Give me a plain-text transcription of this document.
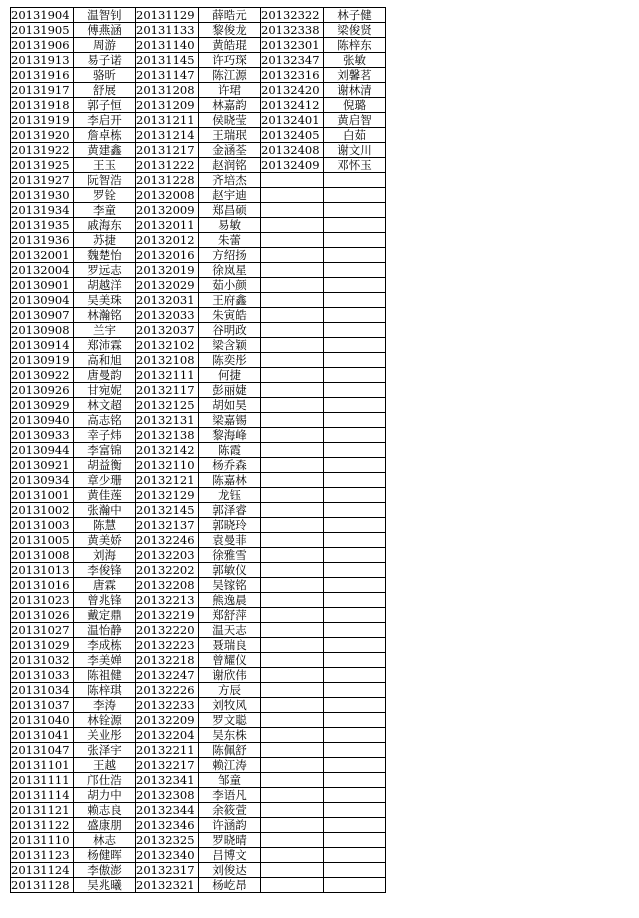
20131904	温智钊	20131129	薛晧元	20132322	林子健
20131905	傅燕涵	20131133	黎俊龙	20132338	梁俊贤
20131906	周游	20131140	黄皓琨	20132301	陈梓东
20131913	易子诺	20131145	许巧琛	20132347	张敏
20131916	骆昕	20131147	陈江源	20132316	刘馨茗
20131917	舒展	20131208	许珺	20132420	谢林清
20131918	郭子恒	20131209	林嘉韵	20132412	倪璐
20131919	李启开	20131211	侯晓莹	20132401	黄启智
20131920	詹卓栋	20131214	王瑞珉	20132405	白茹
20131922	黄建鑫	20131217	金涵荃	20132408	谢文川
20131925	王玉	20131222	赵润铭	20132409	邓怀玉
20131927	阮智浩	20131228	齐培杰		
20131930	罗铨	20132008	赵宇迪		
20131934	李童	20132009	郑昌硕		
20131935	戚海东	20132011	易敏		
20131936	苏捷	20132012	朱蕾		
20132001	魏楚怡	20132016	方绍扬		
20132004	罗远志	20132019	徐岚星		
20130901	胡越洋	20132029	茹小颜		
20130904	吴美珠	20132031	王府鑫		
20130907	林瀚铭	20132033	朱寅皓		
20130908	兰宇	20132037	谷明政		
20130914	郑沛霖	20132102	梁含颖		
20130919	高和旭	20132108	陈奕彤		
20130922	唐曼韵	20132111	何捷		
20130926	甘宛妮	20132117	彭丽婕		
20130929	林文超	20132125	胡如昊		
20130940	高志铭	20132131	梁嘉锡		
20130933	幸子炜	20132138	黎海峰		
20130944	李富锦	20132142	陈霞		
20130921	胡益衡	20132110	杨乔森		
20130934	章少珊	20132121	陈嘉林		
20131001	黄佳莲	20132129	龙钰		
20131002	张瀚中	20132145	郭泽睿		
20131003	陈慧	20132137	郭晓玲		
20131005	黄美娇	20132246	袁曼菲		
20131008	刘海	20132203	徐雅雪		
20131013	李俊锋	20132202	郭敏仪		
20131016	唐霖	20132208	吴镓铭		
20131023	曾兆锋	20132213	熊逸晨		
20131026	戴定鼎	20132219	郑舒萍		
20131027	温怡静	20132220	温天志		
20131029	李成栋	20132223	聂瑞良		
20131032	李美婵	20132218	曾耀仪		
20131033	陈祖健	20132247	谢欣伟		
20131034	陈梓琪	20132226	方辰		
20131037	李涛	20132233	刘牧风		
20131040	林铨源	20132209	罗文聪		
20131041	关业彤	20132204	吴东株		
20131047	张泽宇	20132211	陈佩舒		
20131101	王越	20132217	赖江涛		
20131111	邝仕浩	20132341	邹童		
20131114	胡力中	20132308	李语凡		
20131121	赖志良	20132344	余筱萱		
20131122	盛康朋	20132346	许涵韵		
20131110	林志	20132325	罗晓晴		
20131123	杨健晖	20132340	吕博文		
20131124	李傲澎	20132317	刘俊达		
20131128	吴兆曦	20132321	杨屹昂		
